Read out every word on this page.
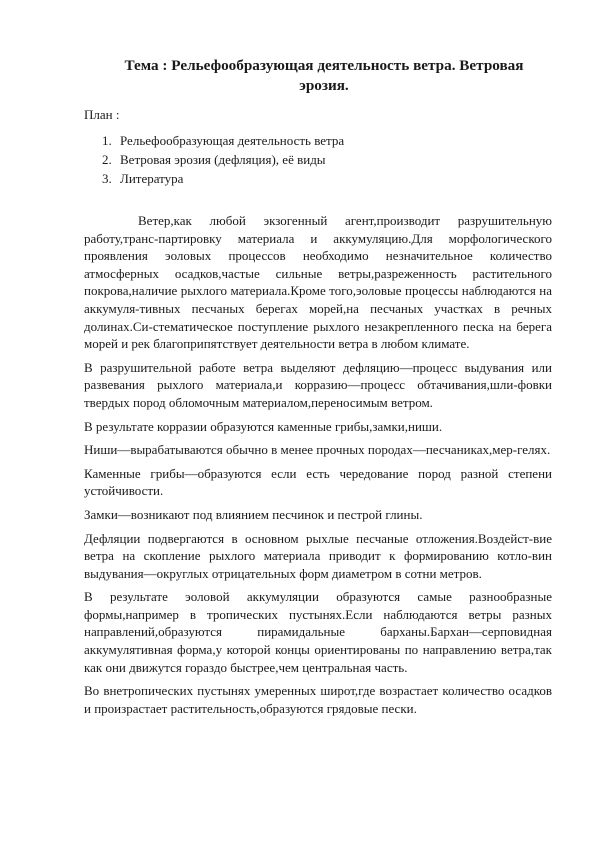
Тема : Рельефообразующая деятельность ветра. Ветровая эрозия.
План :
1. Рельефообразующая деятельность ветра
2. Ветровая эрозия (дефляция), её виды
3. Литература

Ветер,как любой экзогенный агент,производит разрушительную работу,транс-партировку материала и аккумуляцию.Для морфологического проявления эоловых процессов необходимо незначительное количество атмосферных осадков,частые сильные ветры,разреженность растительного покрова,наличие рыхлого материала.Кроме того,эоловые процессы наблюдаются на аккумуля-тивных песчаных берегах морей,на песчаных участках в речных долинах.Си-стематическое поступление рыхлого незакрепленного песка на берега морей и рек благоприпятствует деятельности ветра в любом климате.

В разрушительной работе ветра выделяют дефляцию—процесс выдувания или развевания рыхлого материала,и корразию—процесс обтачивания,шли-фовки твердых пород обломочным материалом,переносимым ветром.

В результате корразии образуются каменные грибы,замки,ниши.

Ниши—вырабатываются обычно в менее прочных породах—песчаниках,мер-гелях.

Каменные грибы—образуются если есть чередование пород разной степени устойчивости.

Замки—возникают под влиянием песчинок и пестрой глины.

Дефляции подвергаются в основном рыхлые песчаные отложения.Воздейст-вие ветра на скопление рыхлого материала приводит к формированию котло-вин выдувания—округлых отрицательных форм диаметром в сотни метров.

В результате эоловой аккумуляции образуются самые разнообразные формы,например в тропических пустынях.Если наблюдаются ветры разных направлений,образуются пирамидальные барханы.Бархан—серповидная аккумулятивная форма,у которой концы ориентированы по направлению ветра,так как они движутся гораздо быстрее,чем центральная часть.

Во внетропических пустынях умеренных широт,где возрастает количество осадков и произрастает растительность,образуются грядовые пески.
